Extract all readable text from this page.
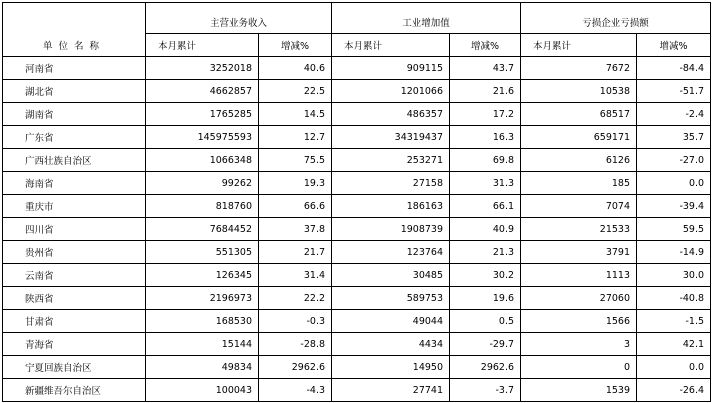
单位名称	主营业务收入		工业增加值		亏损企业亏损额	
	本月累计	增减%	本月累计	增减%	本月累计	增减%
河南省	3252018	40.6	909115	43.7	7672	-84.4
湖北省	4662857	22.5	1201066	21.6	10538	-51.7
湖南省	1765285	14.5	486357	17.2	68517	-2.4
广东省	145975593	12.7	34319437	16.3	659171	35.7
广西壮族自治区	1066348	75.5	253271	69.8	6126	-27.0
海南省	99262	19.3	27158	31.3	185	0.0
重庆市	818760	66.6	186163	66.1	7074	-39.4
四川省	7684452	37.8	1908739	40.9	21533	59.5
贵州省	551305	21.7	123764	21.3	3791	-14.9
云南省	126345	31.4	30485	30.2	1113	30.0
陕西省	2196973	22.2	589753	19.6	27060	-40.8
甘肃省	168530	-0.3	49044	0.5	1566	-1.5
青海省	15144	-28.8	4434	-29.7	3	42.1
宁夏回族自治区	49834	2962.6	14950	2962.6	0	0.0
新疆维吾尔自治区	100043	-4.3	27741	-3.7	1539	-26.4
